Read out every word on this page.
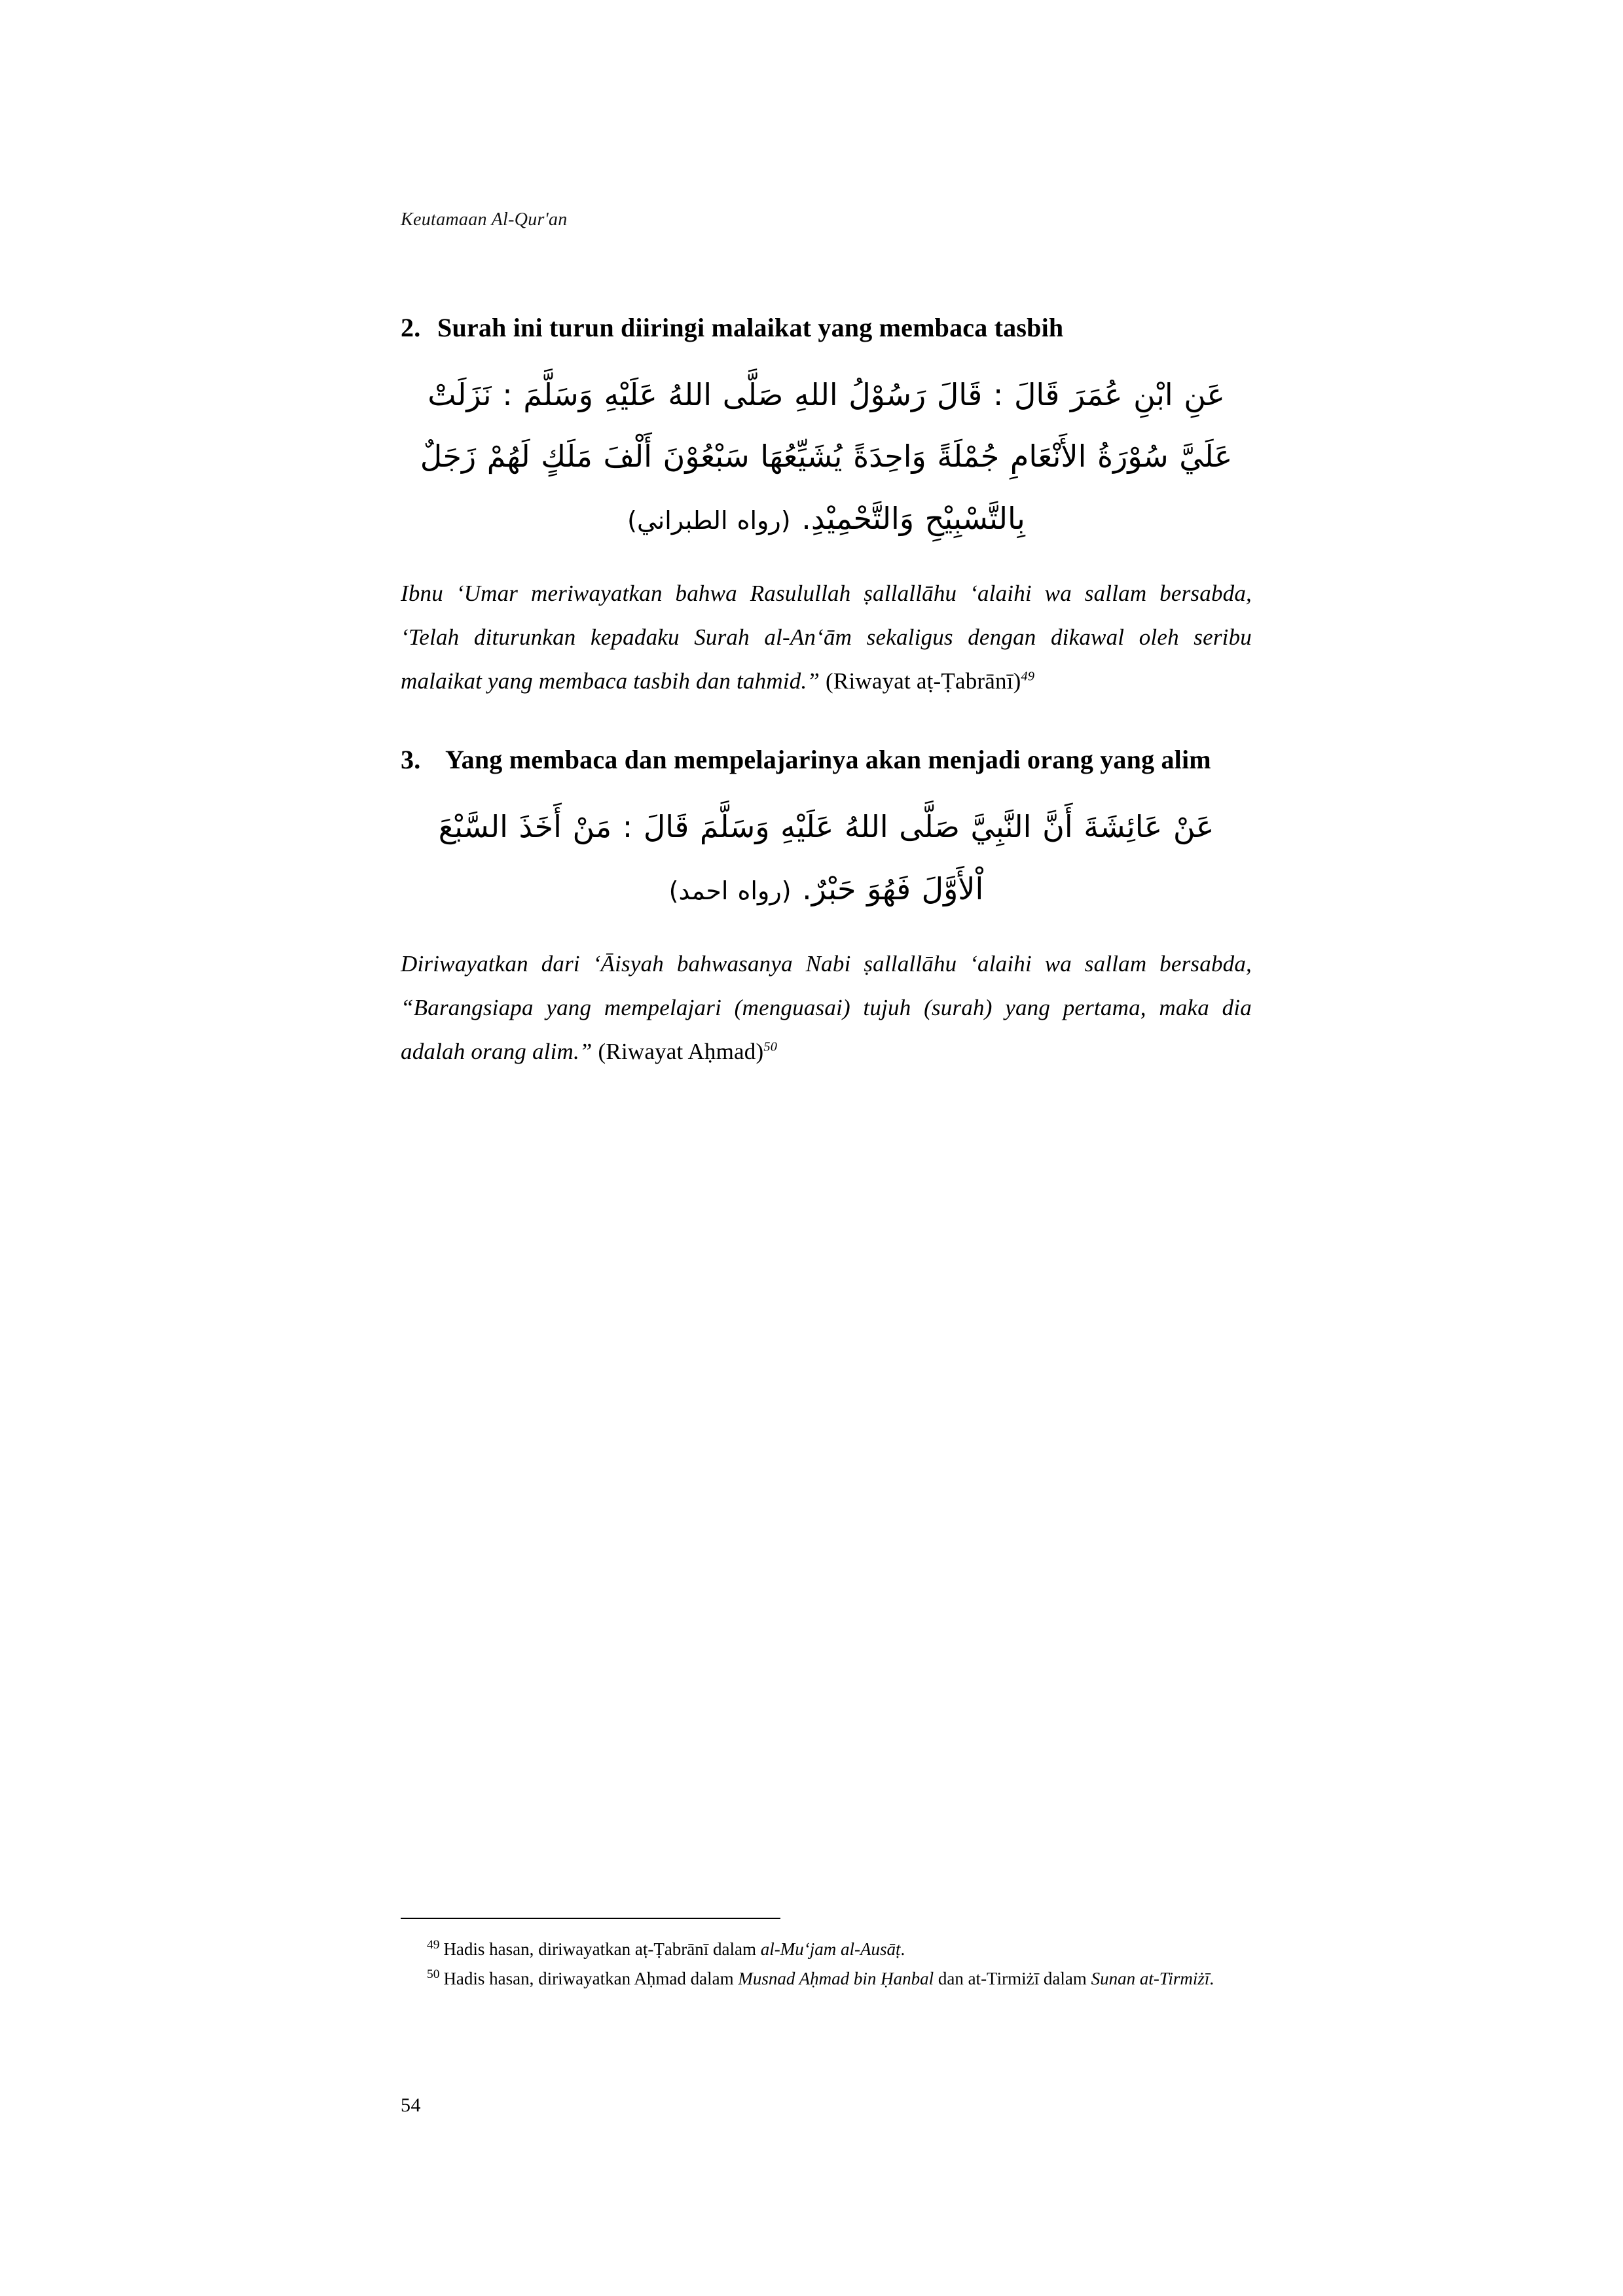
Keutamaan Al-Qur'an
2. Surah ini turun diiringi malaikat yang membaca tasbih
عَنِ ابْنِ عُمَرَ قَالَ : قَالَ رَسُوْلُ اللهِ صَلَّى اللهُ عَلَيْهِ وَسَلَّمَ : نَزَلَتْ
عَلَيَّ سُوْرَةُ الأَنْعَامِ جُمْلَةً وَاحِدَةً يُشَيِّعُهَا سَبْعُوْنَ أَلْفَ مَلَكٍ لَهُمْ زَجَلٌ
بِالتَّسْبِيْحِ وَالتَّحْمِيْدِ. (رواه الطبراني)
Ibnu ‘Umar meriwayatkan bahwa Rasulullah ṣallallāhu ‘alaihi wa sallam bersabda, ‘Telah diturunkan kepadaku Surah al-An‘ām sekaligus dengan dikawal oleh seribu malaikat yang membaca tasbih dan tahmid.” (Riwayat aṭ-Ṭabrānī)$^{49}$
3. Yang membaca dan mempelajarinya akan menjadi orang yang alim
عَنْ عَائِشَةَ أَنَّ النَّبِيَّ صَلَّى اللهُ عَلَيْهِ وَسَلَّمَ قَالَ : مَنْ أَخَذَ السَّبْعَ
اْلأَوَّلَ فَهُوَ حَبْرٌ. (رواه احمد)
Diriwayatkan dari ‘Āisyah bahwasanya Nabi ṣallallāhu ‘alaihi wa sallam bersabda, “Barangsiapa yang mempelajari (menguasai) tujuh (surah) yang pertama, maka dia adalah orang alim.” (Riwayat Aḥmad)$^{50}$
$^{49}$ Hadis hasan, diriwayatkan aṭ-Ṭabrānī dalam al-Mu‘jam al-Ausāṭ.
$^{50}$ Hadis hasan, diriwayatkan Aḥmad dalam Musnad Aḥmad bin Ḥanbal dan at-Tirmiżī dalam Sunan at-Tirmiżī.
54
